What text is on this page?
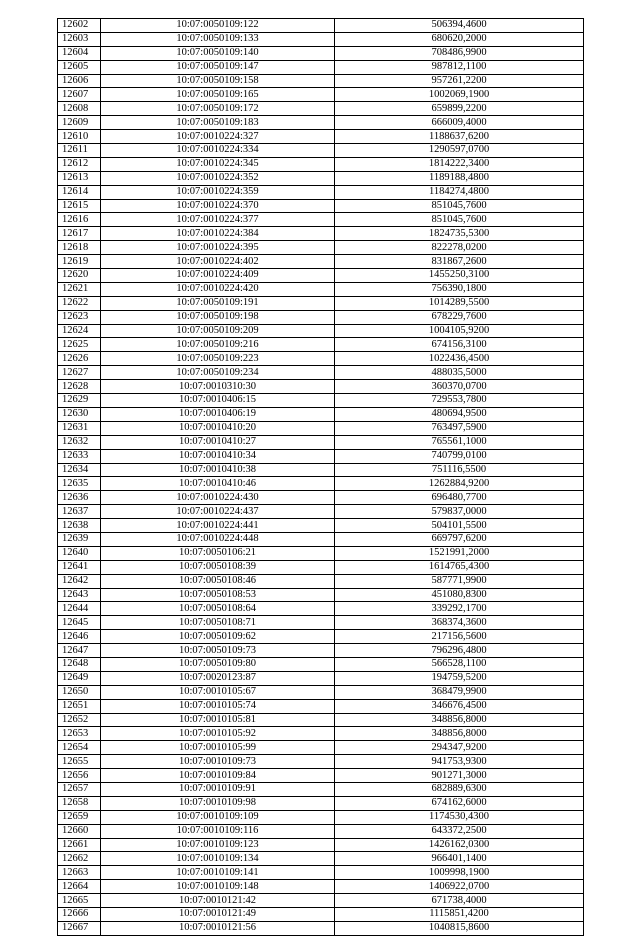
12602	10:07:0050109:122	506394,4600
12603	10:07:0050109:133	680620,2000
12604	10:07:0050109:140	708486,9900
12605	10:07:0050109:147	987812,1100
12606	10:07:0050109:158	957261,2200
12607	10:07:0050109:165	1002069,1900
12608	10:07:0050109:172	659899,2200
12609	10:07:0050109:183	666009,4000
12610	10:07:0010224:327	1188637,6200
12611	10:07:0010224:334	1290597,0700
12612	10:07:0010224:345	1814222,3400
12613	10:07:0010224:352	1189188,4800
12614	10:07:0010224:359	1184274,4800
12615	10:07:0010224:370	851045,7600
12616	10:07:0010224:377	851045,7600
12617	10:07:0010224:384	1824735,5300
12618	10:07:0010224:395	822278,0200
12619	10:07:0010224:402	831867,2600
12620	10:07:0010224:409	1455250,3100
12621	10:07:0010224:420	756390,1800
12622	10:07:0050109:191	1014289,5500
12623	10:07:0050109:198	678229,7600
12624	10:07:0050109:209	1004105,9200
12625	10:07:0050109:216	674156,3100
12626	10:07:0050109:223	1022436,4500
12627	10:07:0050109:234	488035,5000
12628	10:07:0010310:30	360370,0700
12629	10:07:0010406:15	729553,7800
12630	10:07:0010406:19	480694,9500
12631	10:07:0010410:20	763497,5900
12632	10:07:0010410:27	765561,1000
12633	10:07:0010410:34	740799,0100
12634	10:07:0010410:38	751116,5500
12635	10:07:0010410:46	1262884,9200
12636	10:07:0010224:430	696480,7700
12637	10:07:0010224:437	579837,0000
12638	10:07:0010224:441	504101,5500
12639	10:07:0010224:448	669797,6200
12640	10:07:0050106:21	1521991,2000
12641	10:07:0050108:39	1614765,4300
12642	10:07:0050108:46	587771,9900
12643	10:07:0050108:53	451080,8300
12644	10:07:0050108:64	339292,1700
12645	10:07:0050108:71	368374,3600
12646	10:07:0050109:62	217156,5600
12647	10:07:0050109:73	796296,4800
12648	10:07:0050109:80	566528,1100
12649	10:07:0020123:87	194759,5200
12650	10:07:0010105:67	368479,9900
12651	10:07:0010105:74	346676,4500
12652	10:07:0010105:81	348856,8000
12653	10:07:0010105:92	348856,8000
12654	10:07:0010105:99	294347,9200
12655	10:07:0010109:73	941753,9300
12656	10:07:0010109:84	901271,3000
12657	10:07:0010109:91	682889,6300
12658	10:07:0010109:98	674162,6000
12659	10:07:0010109:109	1174530,4300
12660	10:07:0010109:116	643372,2500
12661	10:07:0010109:123	1426162,0300
12662	10:07:0010109:134	966401,1400
12663	10:07:0010109:141	1009998,1900
12664	10:07:0010109:148	1406922,0700
12665	10:07:0010121:42	671738,4000
12666	10:07:0010121:49	1115851,4200
12667	10:07:0010121:56	1040815,8600
